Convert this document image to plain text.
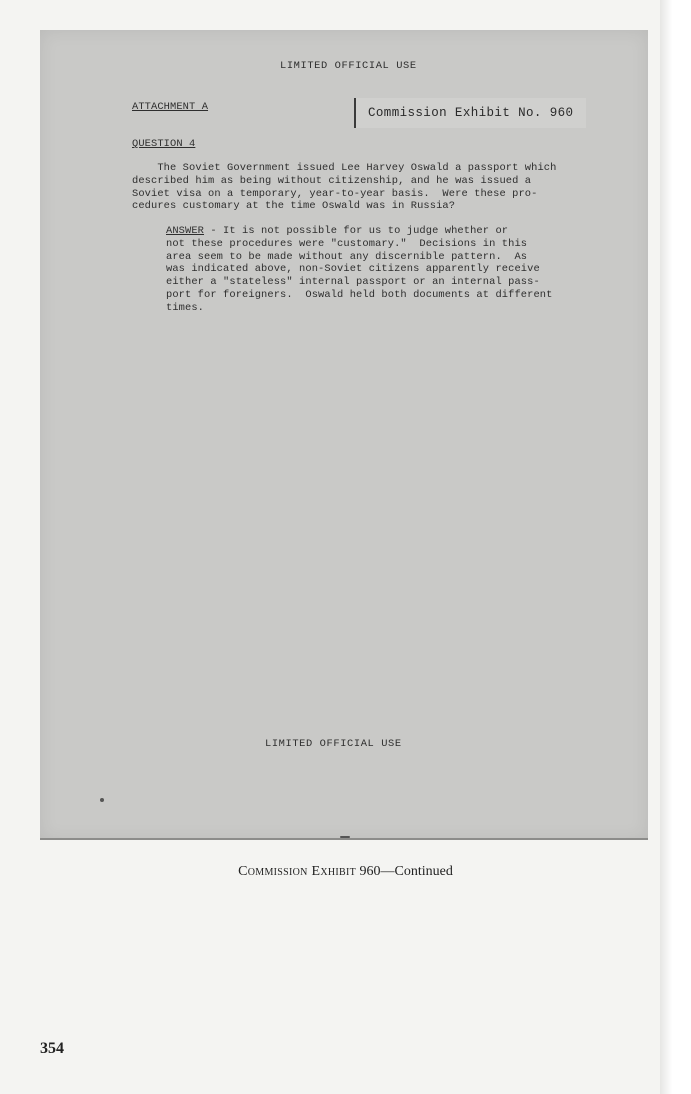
LIMITED OFFICIAL USE
ATTACHMENT A	Commission Exhibit No. 960
QUESTION 4
The Soviet Government issued Lee Harvey Oswald a passport which
described him as being without citizenship, and he was issued a
Soviet visa on a temporary, year-to-year basis.  Were these pro-
cedures customary at the time Oswald was in Russia?
ANSWER - It is not possible for us to judge whether or
not these procedures were "customary."  Decisions in this
area seem to be made without any discernible pattern.  As
was indicated above, non-Soviet citizens apparently receive
either a "stateless" internal passport or an internal pass-
port for foreigners.  Oswald held both documents at different
times.
LIMITED OFFICIAL USE
Commission Exhibit 960—Continued
354
